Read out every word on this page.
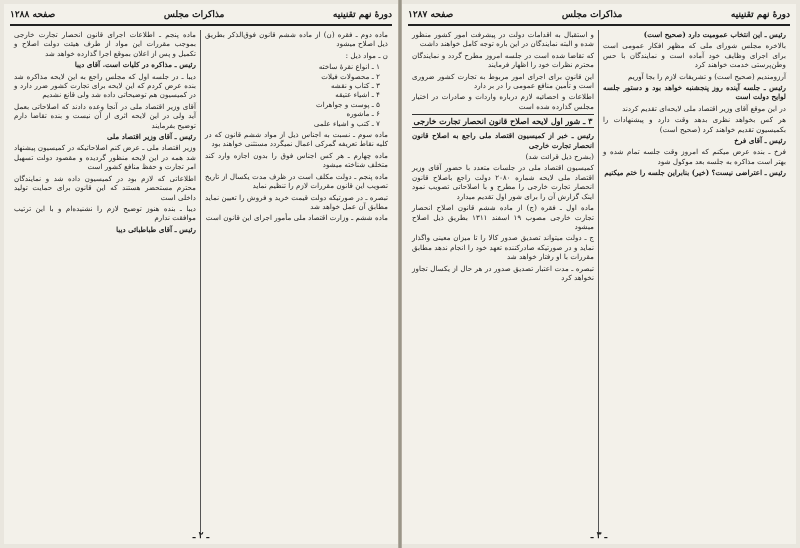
دورهٔ نهم تقنینیه
مذاکرات مجلس
صفحه ۱۲۸۸

ماده دوم ـ فقره (ن) از ماده ششم قانون فوق‌الذکر بطریق ذیل اصلاح میشود

ن ـ مواد ذیل :

۱ ـ انواع نقرهٔ ساخته
۲ ـ محصولات فیلات
۳ ـ کتاب و نقشه
۴ ـ اشیاء عتیقه
۵ ـ پوست و جواهرات
۶ ـ ماشوره
۷ ـ کتب و اشیاء علمی

ماده سوم ـ نسبت به اجناس ذیل از مواد ششم قانون که در کلیه نقاط تعریفه گمرکی اعمال نمیگردد مستثنی خواهند بود

ماده چهارم ـ هر کس اجناس فوق را بدون اجازه وارد کند متخلف شناخته میشود

ماده پنجم ـ دولت مکلف است در ظرف مدت یکسال از تاریخ تصویب این قانون مقررات لازم را تنظیم نماید

تبصره ـ در صورتیکه دولت قیمت خرید و فروش را تعیین نماید مطابق آن عمل خواهد شد

ماده ششم ـ وزارت اقتصاد ملی مأمور اجرای این قانون است

ماده پنجم ـ اطلاعات اجرای قانون انحصار تجارت خارجی بموجب مقررات این مواد از طرف هیئت دولت اصلاح و تکمیل و پس از اعلان بموقع اجرا گذارده خواهد شد

رئیس ـ مذاکره در کلیات است. آقای دیبا

دیبا ـ در جلسه اول که مجلس راجع به این لایحه مذاکره شد بنده عرض کردم که این لایحه برای تجارت کشور ضرر دارد و در کمیسیون هم توضیحاتی داده شد ولی قانع نشدیم

آقای وزیر اقتصاد ملی در آنجا وعده دادند که اصلاحاتی بعمل آید ولی در این لایحه اثری از آن نیست و بنده تقاضا دارم توضیح بفرمایند

رئیس ـ آقای وزیر اقتصاد ملی

وزیر اقتصاد ملی ـ عرض کنم اصلاحاتیکه در کمیسیون پیشنهاد شد همه در این لایحه منظور گردیده و مقصود دولت تسهیل امر تجارت و حفظ منافع کشور است

اطلاعاتی که لازم بود در کمیسیون داده شد و نمایندگان محترم مستحضر هستند که این قانون برای حمایت تولید داخلی است

دیبا ـ بنده هنوز توضیح لازم را نشنیده‌ام و با این ترتیب موافقت ندارم

رئیس ـ آقای طباطبائی دیبا

ـ ۲ ـ
دورهٔ نهم تقنینیه
مذاکرات مجلس
صفحه ۱۲۸۷

رئیس ـ این انتخاب عمومیت دارد (صحیح است)

بالاخره مجلس شورای ملی که مظهر افکار عمومی است برای اجرای وظایف خود آماده است و نمایندگان با حس وطن‌پرستی خدمت خواهند کرد

آرزومندیم (صحیح است) و تشریفات لازم را بجا آوریم

رئیس ـ جلسه آینده روز پنجشنبه خواهد بود و دستور جلسه لوایح دولت است

در این موقع آقای وزیر اقتصاد ملی لایحه‌ای تقدیم کردند

هر کس بخواهد نظری بدهد وقت دارد و پیشنهادات را بکمیسیون تقدیم خواهند کرد (صحیح است)

رئیس ـ آقای فرخ

فرخ ـ بنده عرض میکنم که امروز وقت جلسه تمام شده و بهتر است مذاکره به جلسه بعد موکول شود

رئیس ـ اعتراضی نیست؟ (خیر) بنابراین جلسه را ختم میکنیم

و استقبال به اقدامات دولت در پیشرفت امور کشور منظور شده و البته نمایندگان در این باره توجه کامل خواهند داشت

که تقاضا شده است در جلسه امروز مطرح گردد و نمایندگان محترم نظرات خود را اظهار فرمایند

این قانون برای اجرای امور مربوط به تجارت کشور ضروری است و تأمین منافع عمومی را در بر دارد

اطلاعات و احصائیه لازم درباره واردات و صادرات در اختیار مجلس گذارده شده است

۳ ـ شور اول لایحه اصلاح قانون انحصار تجارت خارجی

رئیس ـ خبر از کمیسیون اقتصاد ملی راجع به اصلاح قانون انحصار تجارت خارجی

(بشرح ذیل قرائت شد)

کمیسیون اقتصاد ملی در جلسات متعدد با حضور آقای وزیر اقتصاد ملی لایحه شماره ۲۰۸۰ دولت راجع باصلاح قانون انحصار تجارت خارجی را مطرح و با اصلاحاتی تصویب نمود اینک گزارش آن را برای شور اول تقدیم میدارد

ماده اول ـ فقره (ج) از ماده ششم قانون اصلاح انحصار تجارت خارجی مصوب ۱۹ اسفند ۱۳۱۱ بطریق ذیل اصلاح میشود

ج ـ دولت میتواند تصدیق صدور کالا را تا میزان معینی واگذار نماید و در صورتیکه صادرکننده تعهد خود را انجام ندهد مطابق مقررات با او رفتار خواهد شد

تبصره ـ مدت اعتبار تصدیق صدور در هر حال از یکسال تجاوز نخواهد کرد

ـ ۳ ـ
